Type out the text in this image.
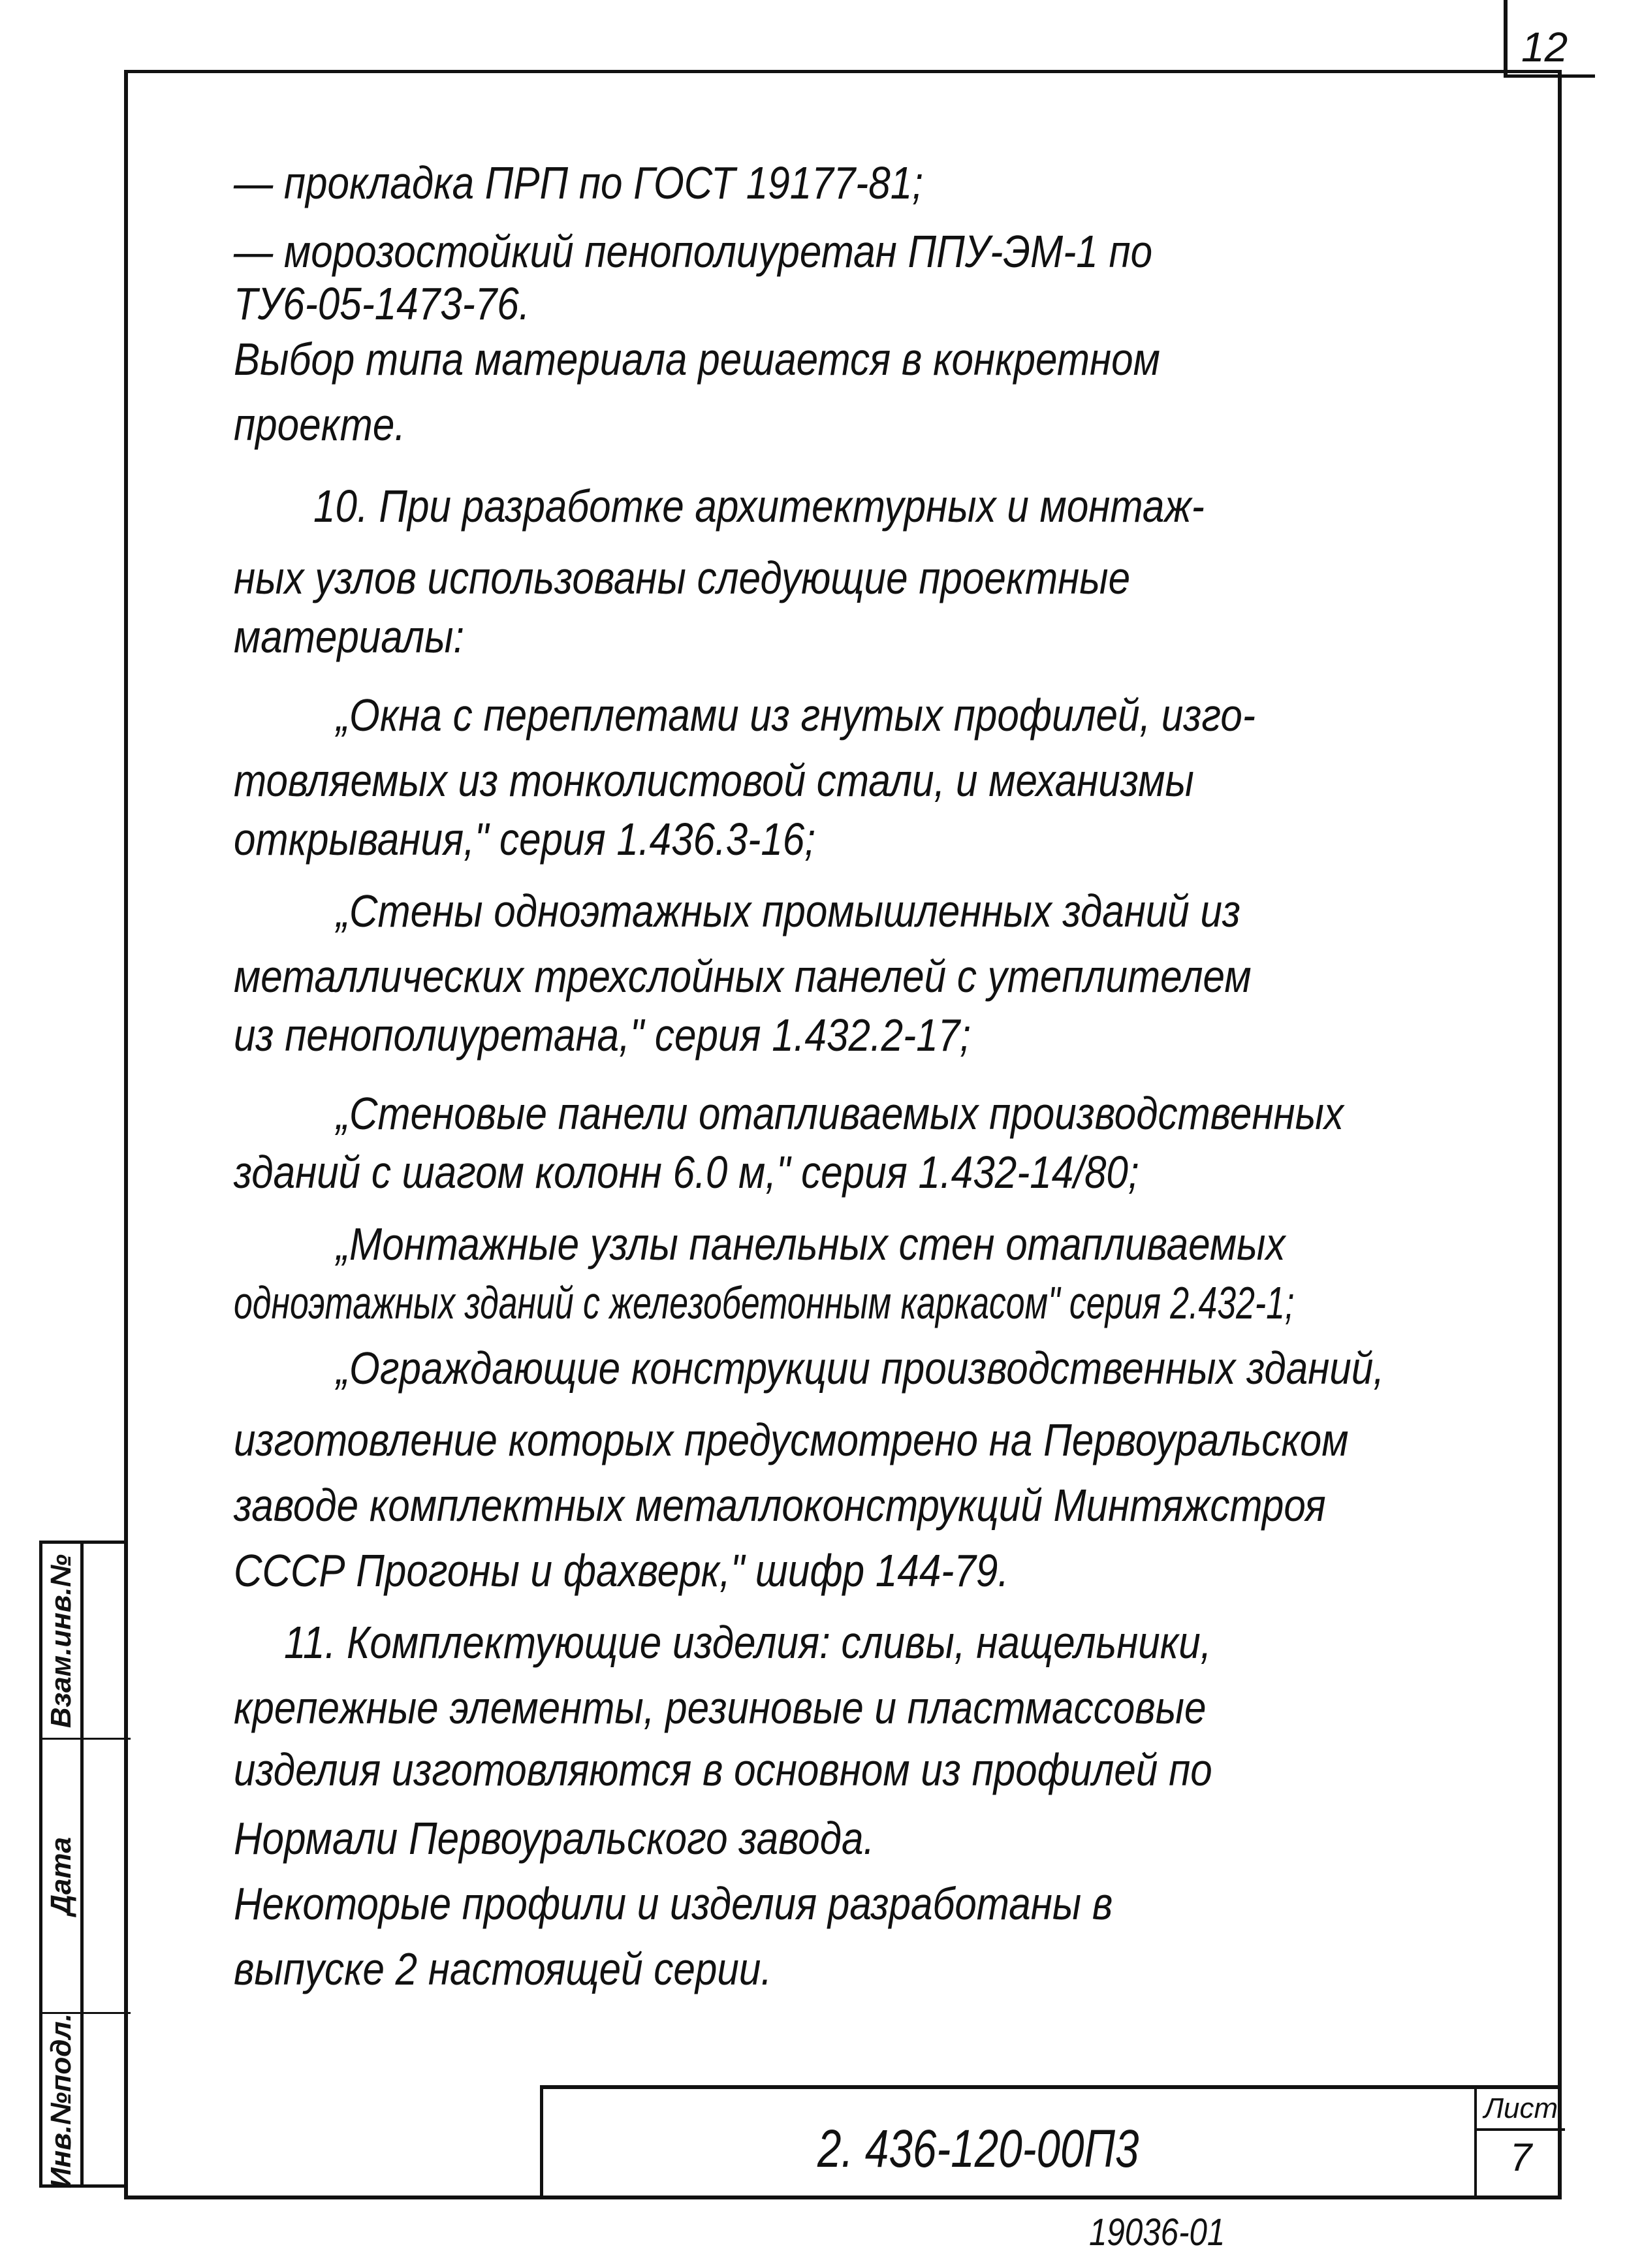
12
— прокладка ПРП по ГОСТ 19177-81;
— морозостойкий пенополиуретан ППУ-ЭМ-1 по
ТУ6-05-1473-76.
Выбор типа материала решается в конкретном
проекте.
10. При разработке архитектурных и монтаж-
ных узлов использованы следующие проектные
материалы:
„Окна с переплетами из гнутых профилей, изго-
товляемых из тонколистовой стали, и механизмы
открывания," серия 1.436.3-16;
„Стены одноэтажных промышленных зданий из
металлических трехслойных панелей с утеплителем
из пенополиуретана," серия 1.432.2-17;
„Стеновые панели отапливаемых производственных
зданий с шагом колонн 6.0 м," серия 1.432-14/80;
„Монтажные узлы панельных стен отапливаемых
одноэтажных зданий с железобетонным каркасом" серия 2.432-1;
„Ограждающие конструкции производственных зданий,
изготовление которых предусмотрено на Первоуральском
заводе комплектных металлоконструкций Минтяжстроя
СССР Прогоны и фахверк," шифр 144-79.
11. Комплектующие изделия: сливы, нащельники,
крепежные элементы, резиновые и пластмассовые
изделия изготовляются в основном из профилей по
Нормали Первоуральского завода.
Некоторые профили и изделия разработаны в
выпуске 2 настоящей серии.
2. 436-120-00П3
Лист
7
19036-01
Взам.инв.№
Дата
Инв.№подл.
